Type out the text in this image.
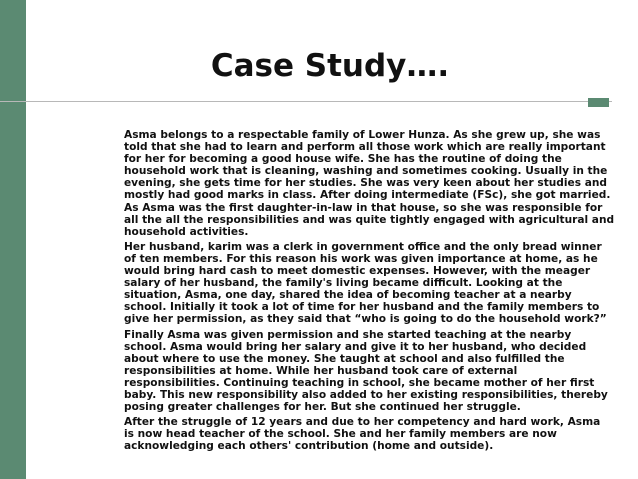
Case Study….

Asma belongs to a respectable family of Lower Hunza. As she grew up, she was
told that she had to learn and perform all those work which are really important
for her for becoming a good house wife. She has the routine of doing the
household work that is cleaning, washing and sometimes cooking. Usually in the
evening, she gets time for her studies. She was very keen about her studies and
mostly had good marks in class. After doing intermediate (FSc), she got married.
As Asma was the first daughter-in-law in that house, so she was responsible for
all the all the responsibilities and was quite tightly engaged with agricultural and
household activities.

Her husband, karim was a clerk in government office and the only bread winner
of ten members. For this reason his work was given importance at home, as he
would bring hard cash to meet domestic expenses. However, with the meager
salary of her husband, the family's living became difficult. Looking at the
situation, Asma, one day, shared the idea of becoming teacher at a nearby
school. Initially it took a lot of time for her husband and the family members to
give her permission, as they said that “who is going to do the household work?”

Finally Asma was given permission and she started teaching at the nearby
school. Asma would bring her salary and give it to her husband, who decided
about where to use the money. She taught at school and also fulfilled the
responsibilities at home. While her husband took care of external
responsibilities. Continuing teaching in school, she became mother of her first
baby. This new responsibility also added to her existing responsibilities, thereby
posing greater challenges for her. But she continued her struggle.

After the struggle of 12 years and due to her competency and hard work, Asma
is now head teacher of the school. She and her family members are now
acknowledging each others' contribution (home and outside).
